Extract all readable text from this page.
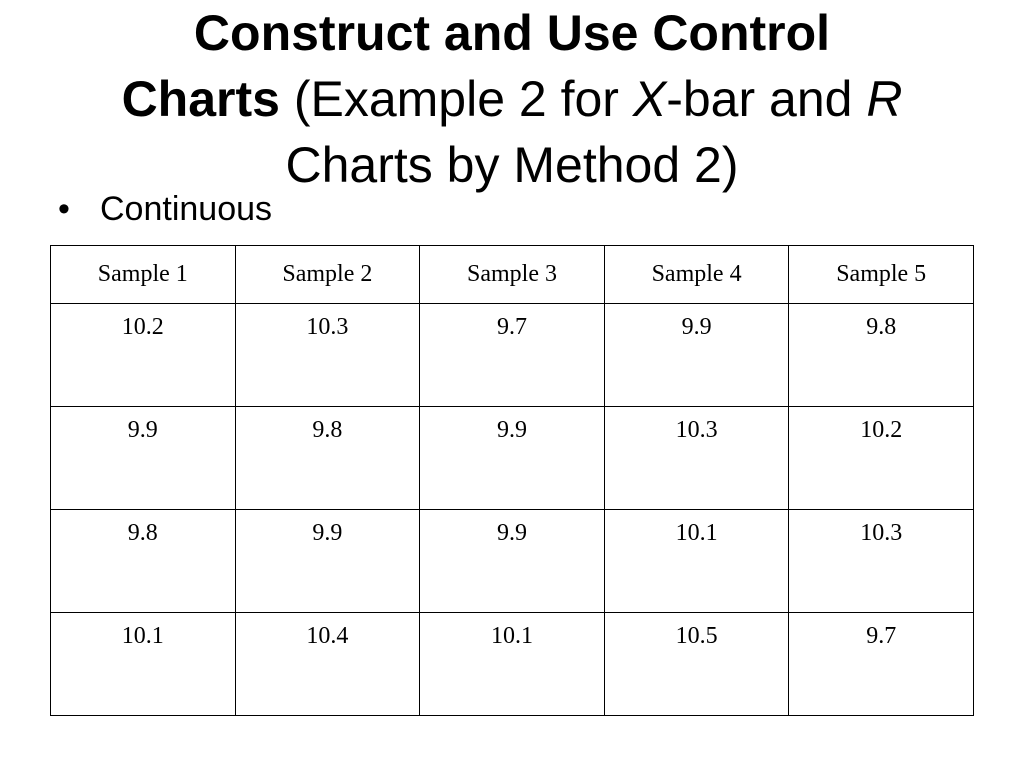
Construct and Use Control
Charts (Example 2 for X-bar and R
Charts by Method 2)
• Continuous
Sample 1	Sample 2	Sample 3	Sample 4	Sample 5
10.2	10.3	9.7	9.9	9.8
9.9	9.8	9.9	10.3	10.2
9.8	9.9	9.9	10.1	10.3
10.1	10.4	10.1	10.5	9.7
